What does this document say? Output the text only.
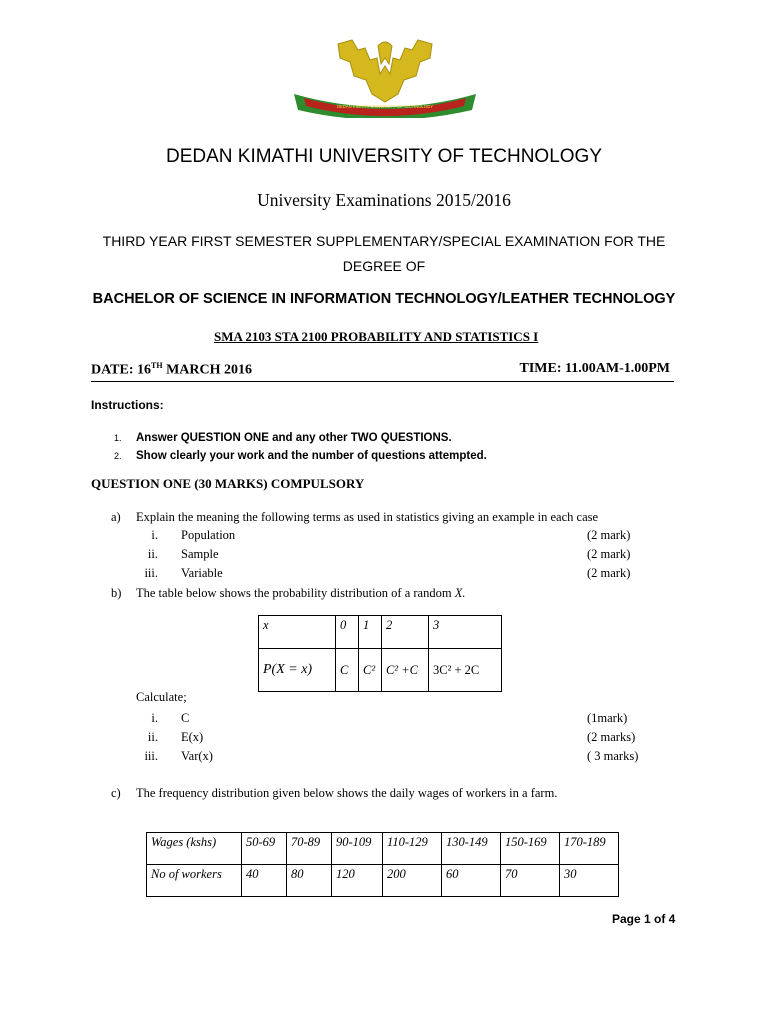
DEDAN KIMATHI UNIVERSITY OF TECHNOLOGY
DEDAN KIMATHI UNIVERSITY OF TECHNOLOGY
University Examinations 2015/2016
THIRD YEAR FIRST SEMESTER SUPPLEMENTARY/SPECIAL EXAMINATION FOR THE DEGREE OF
BACHELOR OF SCIENCE IN INFORMATION TECHNOLOGY/LEATHER TECHNOLOGY
SMA 2103 STA 2100 PROBABILITY AND STATISTICS I
DATE: 16TH MARCH 2016	TIME: 11.00AM-1.00PM
Instructions:
1. Answer QUESTION ONE and any other TWO QUESTIONS.
2. Show clearly your work and the number of questions attempted.
QUESTION ONE (30 MARKS) COMPULSORY
a) Explain the meaning the following terms as used in statistics giving an example in each case
i. Population	(2 mark)
ii. Sample	(2 mark)
iii. Variable	(2 mark)
b) The table below shows the probability distribution of a random X.
x	0	1	2	3
P(X = x)	C	C²	C² +C	3C² + 2C
Calculate;
i. C	(1mark)
ii. E(x)	(2 marks)
iii. Var(x)	( 3 marks)
c) The frequency distribution given below shows the daily wages of workers in a farm.
Wages (kshs)	50-69	70-89	90-109	110-129	130-149	150-169	170-189
No of workers	40	80	120	200	60	70	30
Page 1 of 4
